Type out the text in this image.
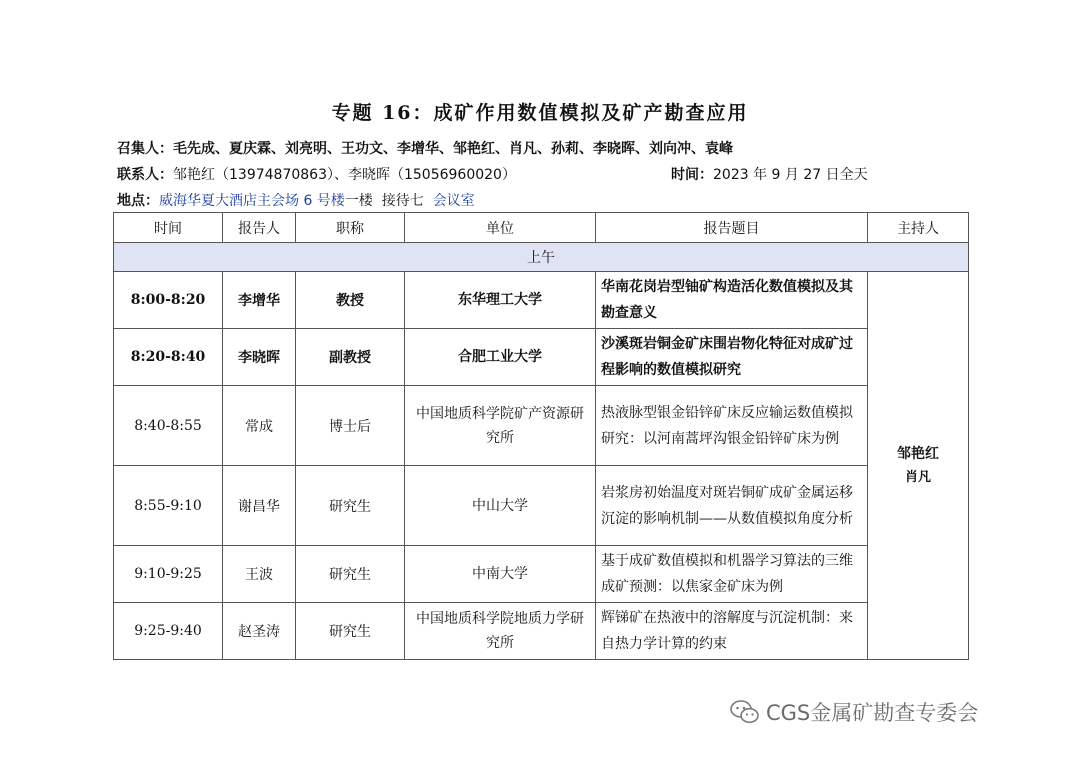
专题 16：成矿作用数值模拟及矿产勘查应用
召集人：毛先成、夏庆霖、刘亮明、王功文、李增华、邹艳红、肖凡、孙莉、李晓晖、刘向冲、袁峰
联系人：邹艳红（13974870863）、李晓晖（15056960020）	时间：2023 年 9 月 27 日全天
地点：威海华夏大酒店主会场 6 号楼一楼  接待七  会议室
时间	报告人	职称	单位	报告题目	主持人
上午					
8:00-8:20	李增华	教授	东华理工大学	华南花岗岩型铀矿构造活化数值模拟及其勘查意义	邹艳红
肖凡

8:20-8:40	李晓晖	副教授	合肥工业大学	沙溪斑岩铜金矿床围岩物化特征对成矿过程影响的数值模拟研究	
8:40-8:55	常成	博士后	中国地质科学院矿产资源研究所	热液脉型银金铅锌矿床反应输运数值模拟研究：以河南蒿坪沟银金铅锌矿床为例	
8:55-9:10	谢昌华	研究生	中山大学	岩浆房初始温度对斑岩铜矿成矿金属运移沉淀的影响机制——从数值模拟角度分析	
9:10-9:25	王波	研究生	中南大学	基于成矿数值模拟和机器学习算法的三维成矿预测：以焦家金矿床为例	
9:25-9:40	赵圣涛	研究生	中国地质科学院地质力学研究所	辉锑矿在热液中的溶解度与沉淀机制：来自热力学计算的约束	
CGS金属矿勘查专委会
